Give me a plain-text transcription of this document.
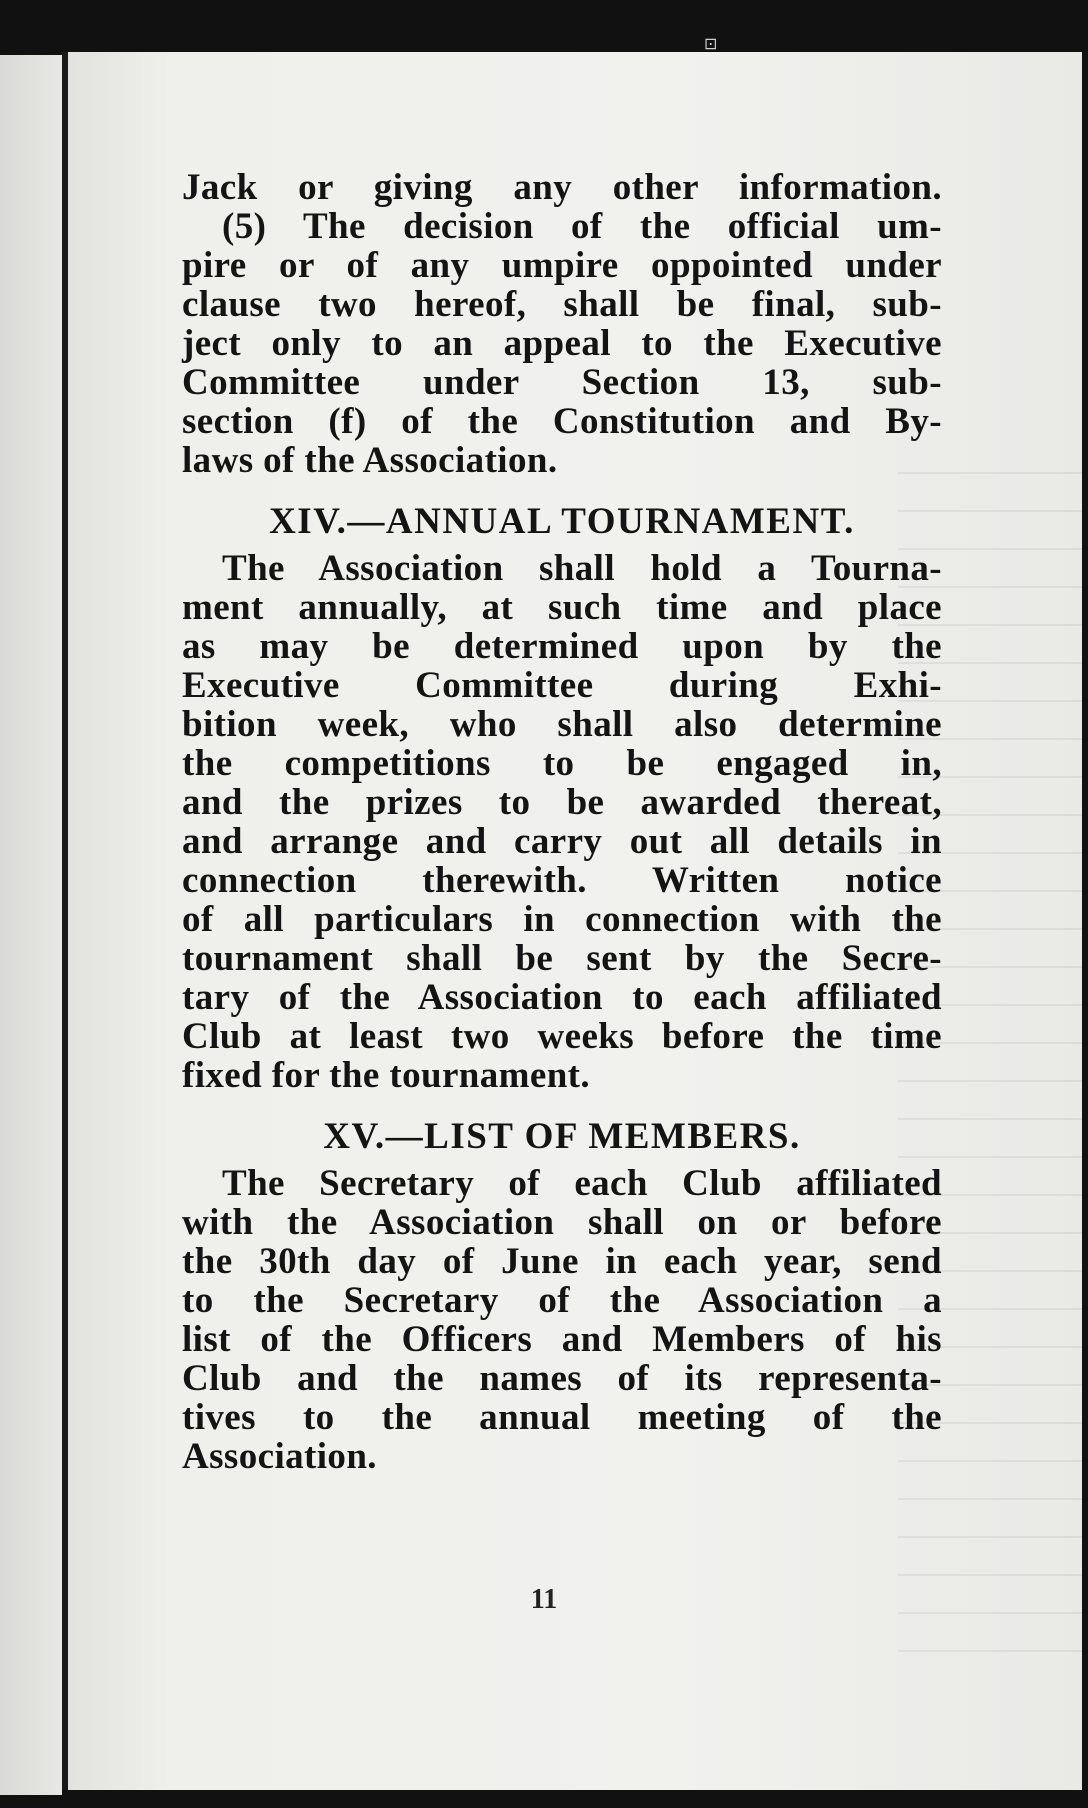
⊡
Jack or giving any other information.
(5) The decision of the official um-
pire or of any umpire oppointed under
clause two hereof, shall be final, sub-
ject only to an appeal to the Executive
Committee under Section 13, sub-
section (f) of the Constitution and By-
laws of the Association.
XIV.—ANNUAL TOURNAMENT.
The Association shall hold a Tourna-
ment annually, at such time and place
as may be determined upon by the
Executive Committee during Exhi-
bition week, who shall also determine
the competitions to be engaged in,
and the prizes to be awarded thereat,
and arrange and carry out all details in
connection therewith. Written notice
of all particulars in connection with the
tournament shall be sent by the Secre-
tary of the Association to each affiliated
Club at least two weeks before the time
fixed for the tournament.
XV.—LIST OF MEMBERS.
The Secretary of each Club affiliated
with the Association shall on or before
the 30th day of June in each year, send
to the Secretary of the Association a
list of the Officers and Members of his
Club and the names of its representa-
tives to the annual meeting of the
Association.
11
